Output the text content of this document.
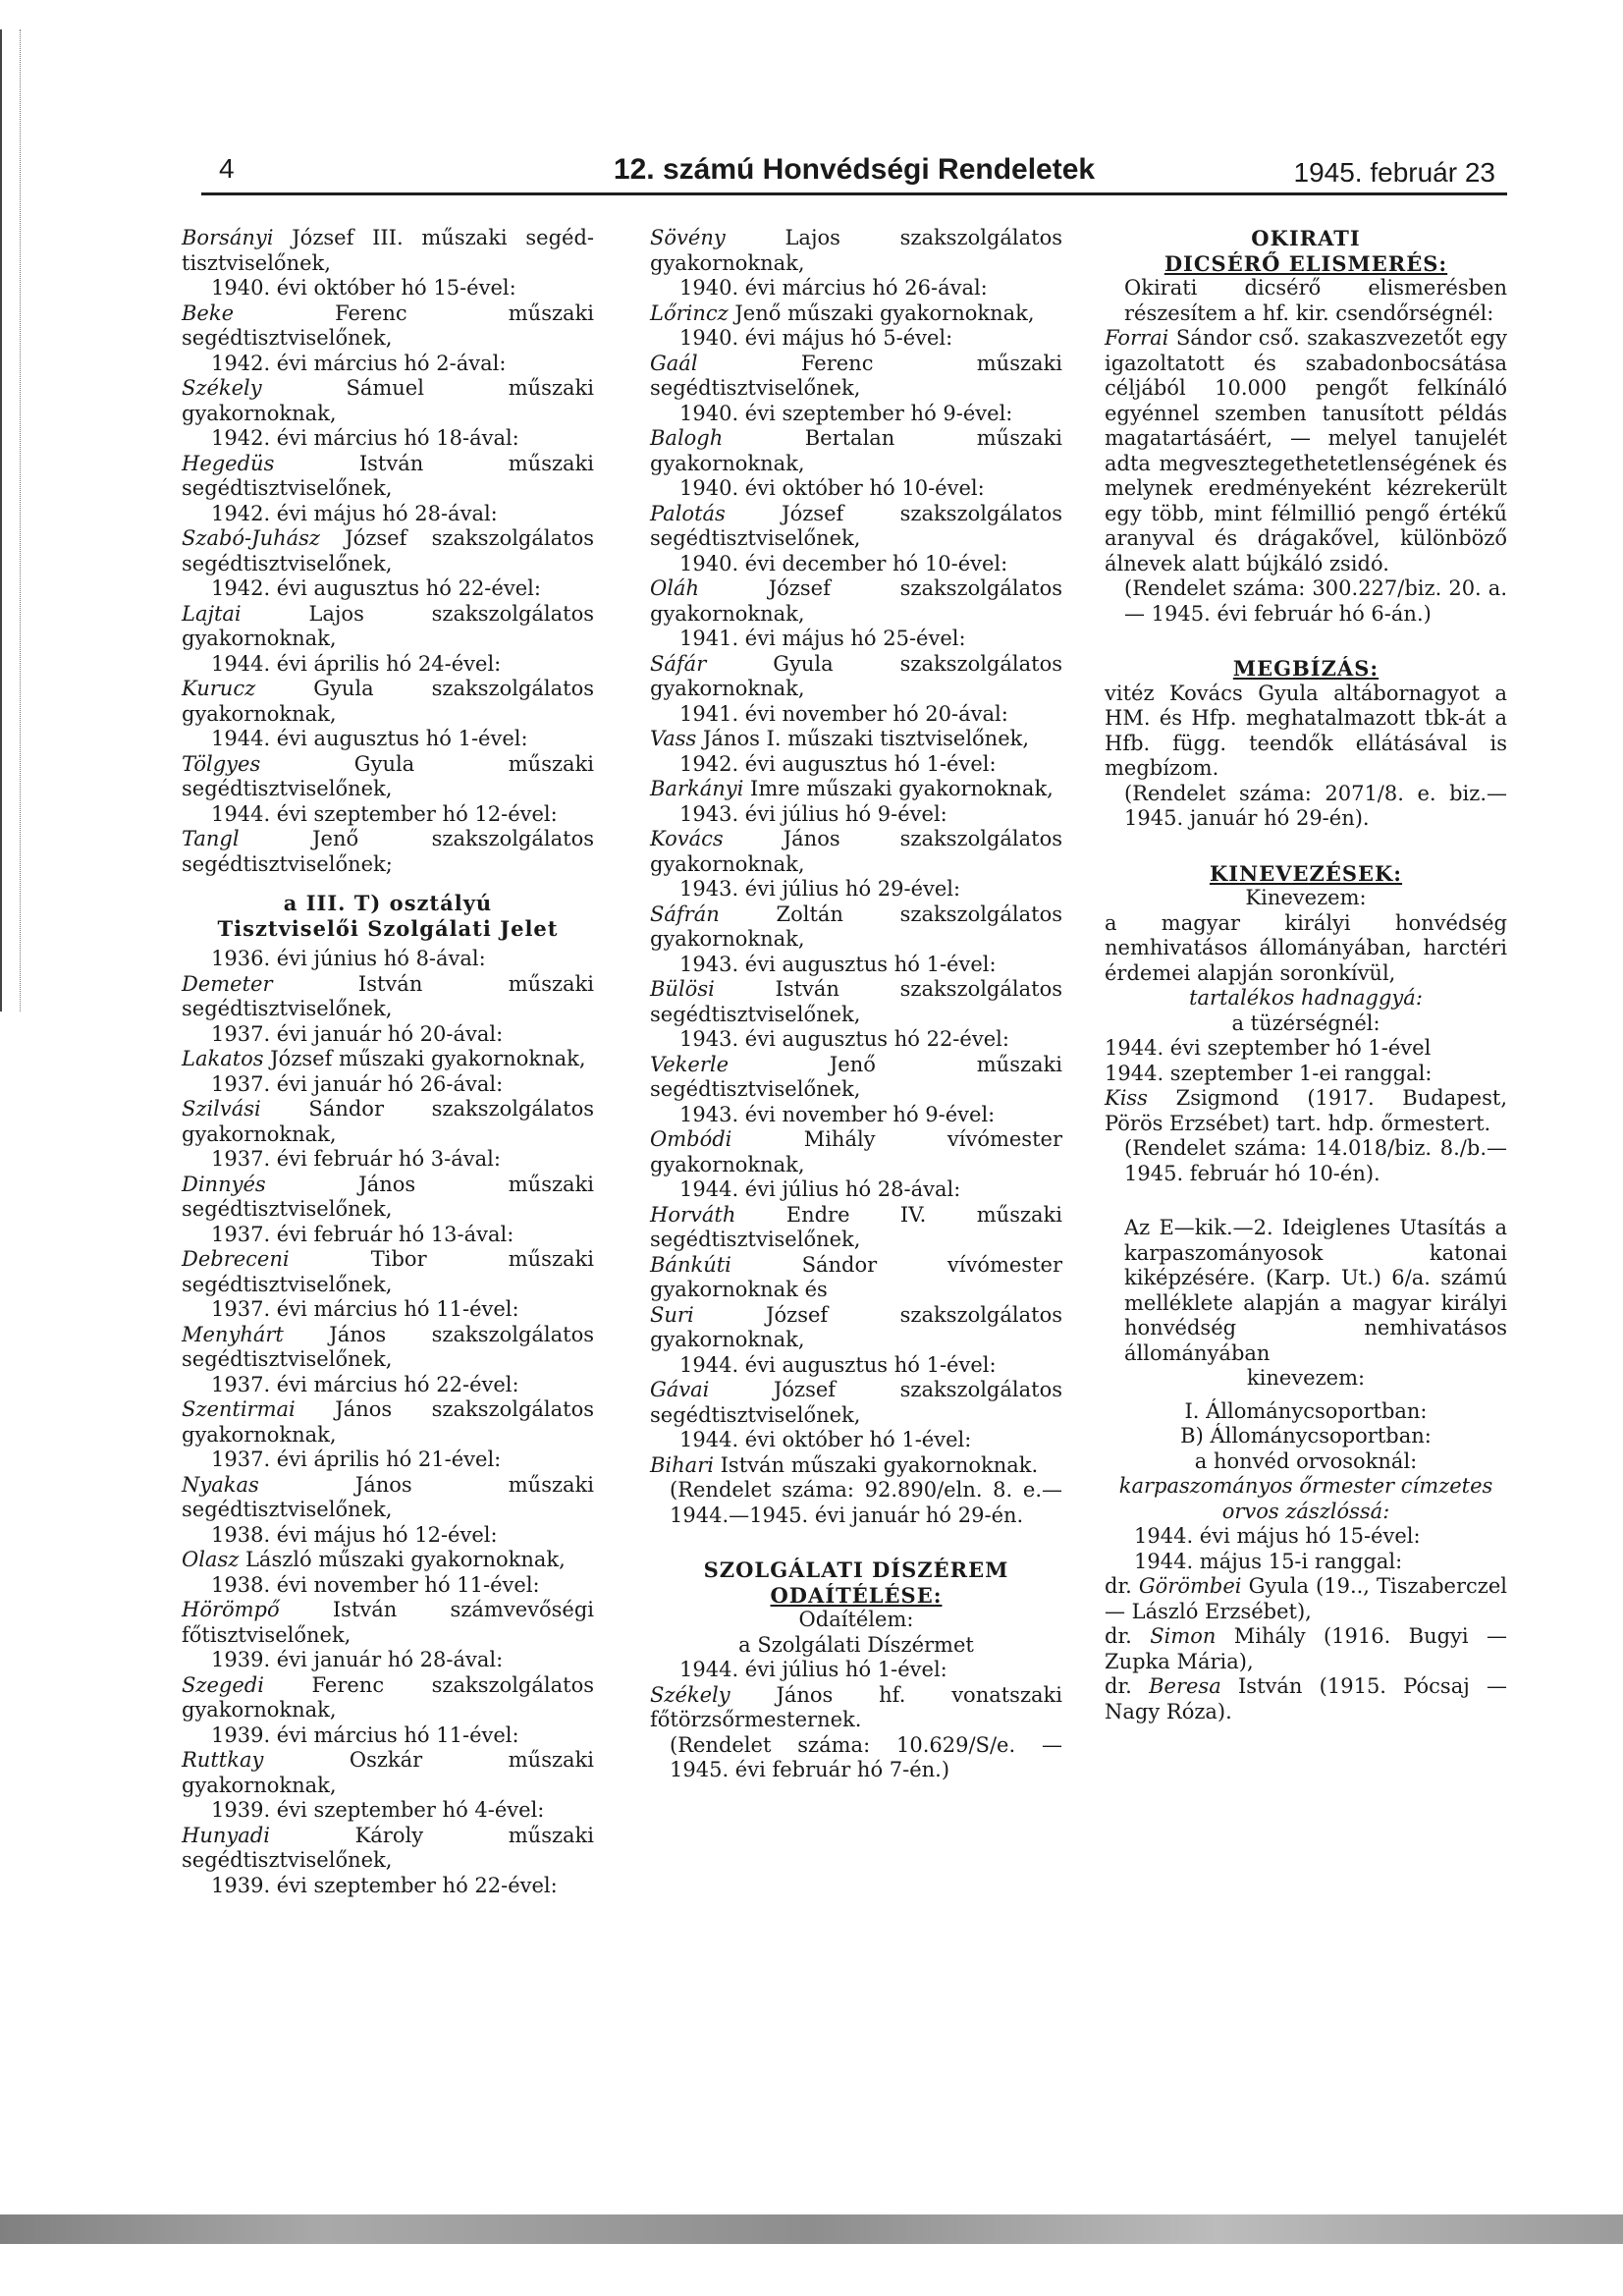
4	12. számú Honvédségi Rendeletek	1945. február 23
Borsányi József III. műszaki segéd-tisztviselőnek,
1940. évi október hó 15-ével:
Beke Ferenc műszaki segédtisztviselőnek,
1942. évi március hó 2-ával:
Székely Sámuel műszaki gyakornoknak,
1942. évi március hó 18-ával:
Hegedüs István műszaki segédtisztviselőnek,
1942. évi május hó 28-ával:
Szabó-Juhász József szakszolgálatos segédtisztviselőnek,
1942. évi augusztus hó 22-ével:
Lajtai Lajos szakszolgálatos gyakornoknak,
1944. évi április hó 24-ével:
Kurucz Gyula szakszolgálatos gyakornoknak,
1944. évi augusztus hó 1-ével:
Tölgyes Gyula műszaki segédtisztviselőnek,
1944. évi szeptember hó 12-ével:
Tangl Jenő szakszolgálatos segédtisztviselőnek;
a III. T) osztályú
Tisztviselői Szolgálati Jelet
1936. évi június hó 8-ával:
Demeter István műszaki segédtisztviselőnek,
1937. évi január hó 20-ával:
Lakatos József műszaki gyakornoknak,
1937. évi január hó 26-ával:
Szilvási Sándor szakszolgálatos gyakornoknak,
1937. évi február hó 3-ával:
Dinnyés János műszaki segédtisztviselőnek,
1937. évi február hó 13-ával:
Debreceni Tibor műszaki segédtisztviselőnek,
1937. évi március hó 11-ével:
Menyhárt János szakszolgálatos segédtisztviselőnek,
1937. évi március hó 22-ével:
Szentirmai János szakszolgálatos gyakornoknak,
1937. évi április hó 21-ével:
Nyakas János műszaki segédtisztviselőnek,
1938. évi május hó 12-ével:
Olasz László műszaki gyakornoknak,
1938. évi november hó 11-ével:
Hörömpő István számvevőségi főtisztviselőnek,
1939. évi január hó 28-ával:
Szegedi Ferenc szakszolgálatos gyakornoknak,
1939. évi március hó 11-ével:
Ruttkay Oszkár műszaki gyakornoknak,
1939. évi szeptember hó 4-ével:
Hunyadi Károly műszaki segédtisztviselőnek,
1939. évi szeptember hó 22-ével:
Sövény Lajos szakszolgálatos gyakornoknak,
1940. évi március hó 26-ával:
Lőrincz Jenő műszaki gyakornoknak,
1940. évi május hó 5-ével:
Gaál Ferenc műszaki segédtisztviselőnek,
1940. évi szeptember hó 9-ével:
Balogh Bertalan műszaki gyakornoknak,
1940. évi október hó 10-ével:
Palotás József szakszolgálatos segédtisztviselőnek,
1940. évi december hó 10-ével:
Oláh József szakszolgálatos gyakornoknak,
1941. évi május hó 25-ével:
Sáfár Gyula szakszolgálatos gyakornoknak,
1941. évi november hó 20-ával:
Vass János I. műszaki tisztviselőnek,
1942. évi augusztus hó 1-ével:
Barkányi Imre műszaki gyakornoknak,
1943. évi július hó 9-ével:
Kovács János szakszolgálatos gyakornoknak,
1943. évi július hó 29-ével:
Sáfrán Zoltán szakszolgálatos gyakornoknak,
1943. évi augusztus hó 1-ével:
Bülösi István szakszolgálatos segédtisztviselőnek,
1943. évi augusztus hó 22-ével:
Vekerle Jenő műszaki segédtisztviselőnek,
1943. évi november hó 9-ével:
Ombódi Mihály vívómester gyakornoknak,
1944. évi július hó 28-ával:
Horváth Endre IV. műszaki segédtisztviselőnek,
Bánkúti Sándor vívómester gyakornoknak és
Suri József szakszolgálatos gyakornoknak,
1944. évi augusztus hó 1-ével:
Gávai József szakszolgálatos segédtisztviselőnek,
1944. évi október hó 1-ével:
Bihari István műszaki gyakornoknak.
(Rendelet száma: 92.890/eln. 8. e.—1944.—1945. évi január hó 29-én.
SZOLGÁLATI DÍSZÉREM
ODAÍTÉLÉSE:
Odaítélem:
a Szolgálati Díszérmet
1944. évi július hó 1-ével:
Székely János hf. vonatszaki főtörzsőrmesternek.
(Rendelet száma: 10.629/S/e. — 1945. évi február hó 7-én.)
OKIRATI
DICSÉRŐ ELISMERÉS:
Okirati dicsérő elismerésben részesítem a hf. kir. csendőrségnél:
Forrai Sándor cső. szakaszvezetőt egy igazoltatott és szabadonbocsátása céljából 10.000 pengőt felkínáló egyénnel szemben tanusított példás magatartásáért, — melyel tanujelét adta megvesztegethetetlenségének és melynek eredményeként kézrekerült egy több, mint félmillió pengő értékű aranyval és drágakővel, különböző álnevek alatt bújkáló zsidó.
(Rendelet száma: 300.227/biz. 20. a. — 1945. évi február hó 6-án.)
MEGBÍZÁS:
vitéz Kovács Gyula altábornagyot a HM. és Hfp. meghatalmazott tbk-át a Hfb. függ. teendők ellátásával is megbízom.
(Rendelet száma: 2071/8. e. biz.—1945. január hó 29-én).
KINEVEZÉSEK:
Kinevezem:
a magyar királyi honvédség nemhivatásos állományában, harctéri érdemei alapján soronkívül,
tartalékos hadnaggyá:
a tüzérségnél:
1944. évi szeptember hó 1-ével
1944. szeptember 1-ei ranggal:
Kiss Zsigmond (1917. Budapest, Pörös Erzsébet) tart. hdp. őrmestert.
(Rendelet száma: 14.018/biz. 8./b.—1945. február hó 10-én).
Az E—kik.—2. Ideiglenes Utasítás a karpaszományosok katonai kiképzésére. (Karp. Ut.) 6/a. számú melléklete alapján a magyar királyi honvédség nemhivatásos állományában
kinevezem:
I. Állománycsoportban:
B) Állománycsoportban:
a honvéd orvosoknál:
karpaszományos őrmester címzetes orvos zászlóssá:
1944. évi május hó 15-ével:
1944. május 15-i ranggal:
dr. Görömbei Gyula (19.., Tiszaberczel — László Erzsébet),
dr. Simon Mihály (1916. Bugyi — Zupka Mária),
dr. Beresa István (1915. Pócsaj — Nagy Róza).
